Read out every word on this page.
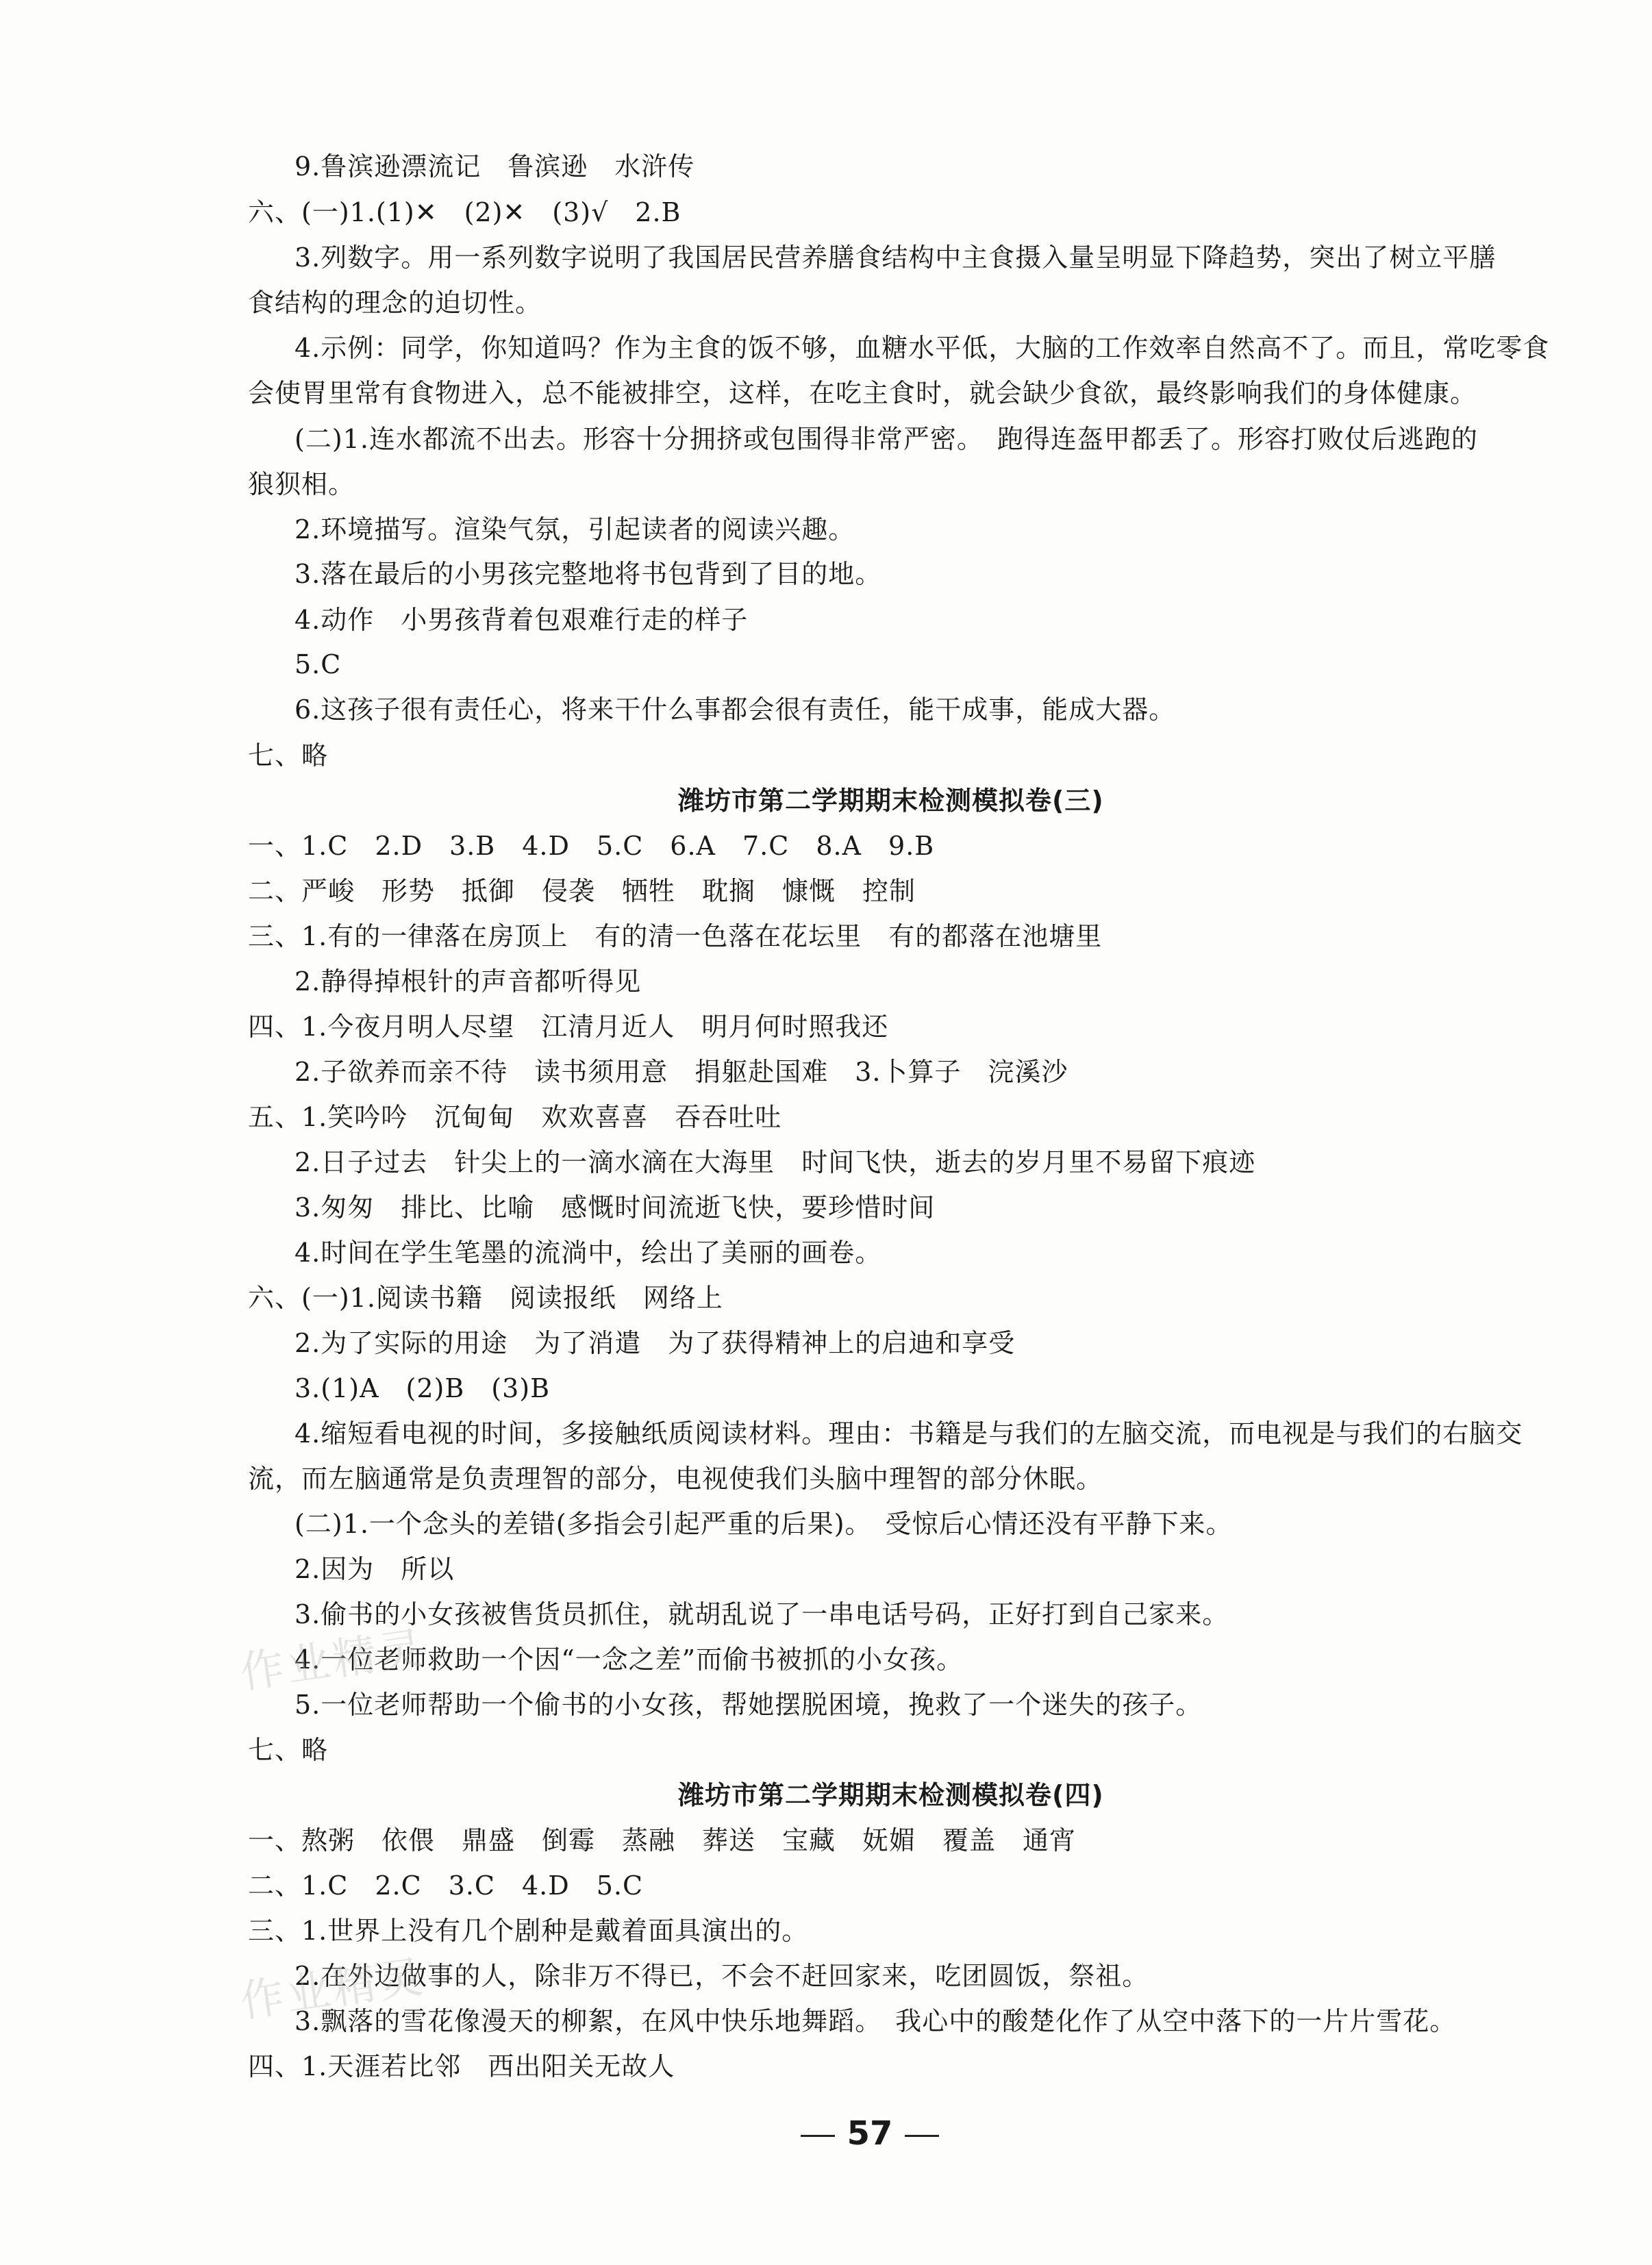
9.鲁滨逊漂流记　鲁滨逊　水浒传
六、(一)1.(1)✕　(2)✕　(3)√　2.B
3.列数字。用一系列数字说明了我国居民营养膳食结构中主食摄入量呈明显下降趋势，突出了树立平膳
食结构的理念的迫切性。
4.示例：同学，你知道吗？作为主食的饭不够，血糖水平低，大脑的工作效率自然高不了。而且，常吃零食
会使胃里常有食物进入，总不能被排空，这样，在吃主食时，就会缺少食欲，最终影响我们的身体健康。
(二)1.连水都流不出去。形容十分拥挤或包围得非常严密。　跑得连盔甲都丢了。形容打败仗后逃跑的
狼狈相。
2.环境描写。渲染气氛，引起读者的阅读兴趣。
3.落在最后的小男孩完整地将书包背到了目的地。
4.动作　小男孩背着包艰难行走的样子
5.C
6.这孩子很有责任心，将来干什么事都会很有责任，能干成事，能成大器。
七、略
潍坊市第二学期期末检测模拟卷(三)
一、1.C　2.D　3.B　4.D　5.C　6.A　7.C　8.A　9.B
二、严峻　形势　抵御　侵袭　牺牲　耽搁　慷慨　控制
三、1.有的一律落在房顶上　有的清一色落在花坛里　有的都落在池塘里
2.静得掉根针的声音都听得见
四、1.今夜月明人尽望　江清月近人　明月何时照我还
2.子欲养而亲不待　读书须用意　捐躯赴国难　3.卜算子　浣溪沙
五、1.笑吟吟　沉甸甸　欢欢喜喜　吞吞吐吐
2.日子过去　针尖上的一滴水滴在大海里　时间飞快，逝去的岁月里不易留下痕迹
3.匆匆　排比、比喻　感慨时间流逝飞快，要珍惜时间
4.时间在学生笔墨的流淌中，绘出了美丽的画卷。
六、(一)1.阅读书籍　阅读报纸　网络上
2.为了实际的用途　为了消遣　为了获得精神上的启迪和享受
3.(1)A　(2)B　(3)B
4.缩短看电视的时间，多接触纸质阅读材料。理由：书籍是与我们的左脑交流，而电视是与我们的右脑交
流，而左脑通常是负责理智的部分，电视使我们头脑中理智的部分休眠。
(二)1.一个念头的差错(多指会引起严重的后果)。　受惊后心情还没有平静下来。
2.因为　所以
3.偷书的小女孩被售货员抓住，就胡乱说了一串电话号码，正好打到自己家来。
4.一位老师救助一个因“一念之差”而偷书被抓的小女孩。
5.一位老师帮助一个偷书的小女孩，帮她摆脱困境，挽救了一个迷失的孩子。
七、略
潍坊市第二学期期末检测模拟卷(四)
一、熬粥　依偎　鼎盛　倒霉　蒸融　葬送　宝藏　妩媚　覆盖　通宵
二、1.C　2.C　3.C　4.D　5.C
三、1.世界上没有几个剧种是戴着面具演出的。
2.在外边做事的人，除非万不得已，不会不赶回家来，吃团圆饭，祭祖。
3.飘落的雪花像漫天的柳絮，在风中快乐地舞蹈。　我心中的酸楚化作了从空中落下的一片片雪花。
四、1.天涯若比邻　西出阳关无故人
作业精灵
作业精灵
57
